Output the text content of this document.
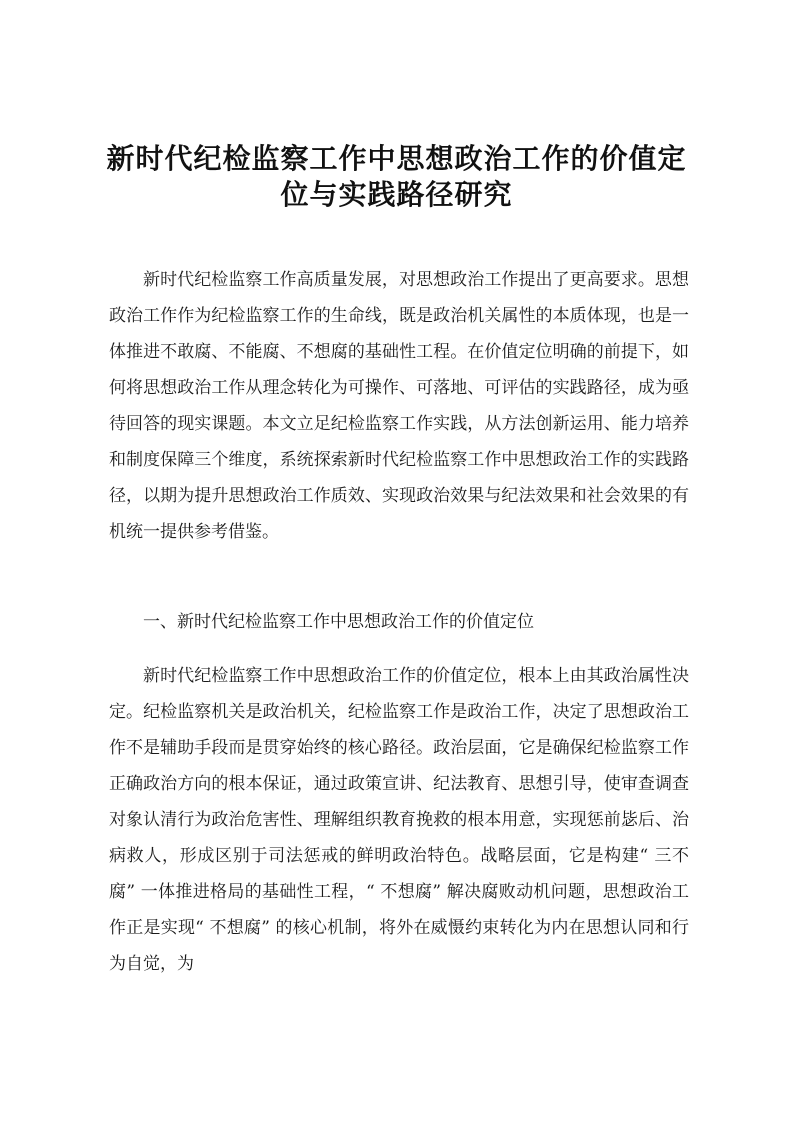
新时代纪检监察工作中思想政治工作的价值定
位与实践路径研究

新时代纪检监察工作高质量发展，对思想政治工作提出了更高要求。思想政治工作作为纪检监察工作的生命线，既是政治机关属性的本质体现，也是一体推进不敢腐、不能腐、不想腐的基础性工程。在价值定位明确的前提下，如何将思想政治工作从理念转化为可操作、可落地、可评估的实践路径，成为亟待回答的现实课题。本文立足纪检监察工作实践，从方法创新运用、能力培养和制度保障三个维度，系统探索新时代纪检监察工作中思想政治工作的实践路径，以期为提升思想政治工作质效、实现政治效果与纪法效果和社会效果的有机统一提供参考借鉴。

一、新时代纪检监察工作中思想政治工作的价值定位

新时代纪检监察工作中思想政治工作的价值定位，根本上由其政治属性决定。纪检监察机关是政治机关，纪检监察工作是政治工作，决定了思想政治工作不是辅助手段而是贯穿始终的核心路径。政治层面，它是确保纪检监察工作正确政治方向的根本保证，通过政策宣讲、纪法教育、思想引导，使审查调查对象认清行为政治危害性、理解组织教育挽救的根本用意，实现惩前毖后、治病救人，形成区别于司法惩戒的鲜明政治特色。战略层面，它是构建“ 三不腐” 一体推进格局的基础性工程，“ 不想腐” 解决腐败动机问题，思想政治工作正是实现“ 不想腐” 的核心机制，将外在威慑约束转化为内在思想认同和行为自觉，为
